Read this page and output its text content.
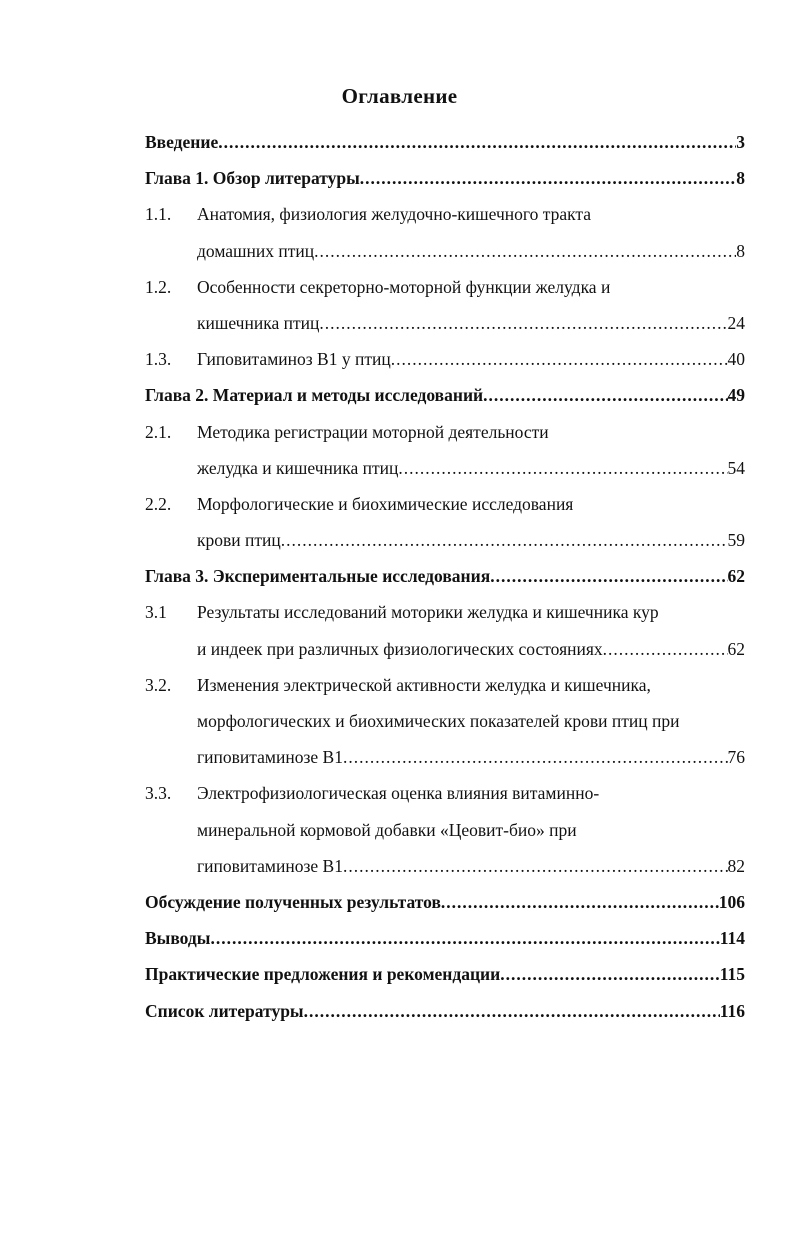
Оглавление
Введение .....	3
Глава 1. Обзор литературы .....	8
1.1.	Анатомия, физиология желудочно-кишечного тракта
домашних птиц .....	8
1.2.	Особенности секреторно-моторной функции желудка и
кишечника птиц .....	24
1.3.	Гиповитаминоз B1 у птиц .....	40
Глава 2. Материал и методы исследований .....	49
2.1.	Методика регистрации моторной деятельности
желудка и кишечника птиц .....	54
2.2.	Морфологические и биохимические исследования
крови птиц .....	59
Глава 3. Экспериментальные исследования .....	62
3.1	Результаты исследований моторики желудка и кишечника кур
и индеек при различных физиологических состояниях .....	62
3.2.	Изменения электрической активности желудка и кишечника,
морфологических и биохимических показателей крови птиц при
гиповитаминозе B1 .....	76
3.3.	Электрофизиологическая оценка влияния витаминно-
минеральной кормовой добавки «Цеовит-био» при
гиповитаминозе B1 .....	82
Обсуждение полученных результатов .....	106
Выводы .....	114
Практические предложения и рекомендации .....	115
Список литературы .....	116
